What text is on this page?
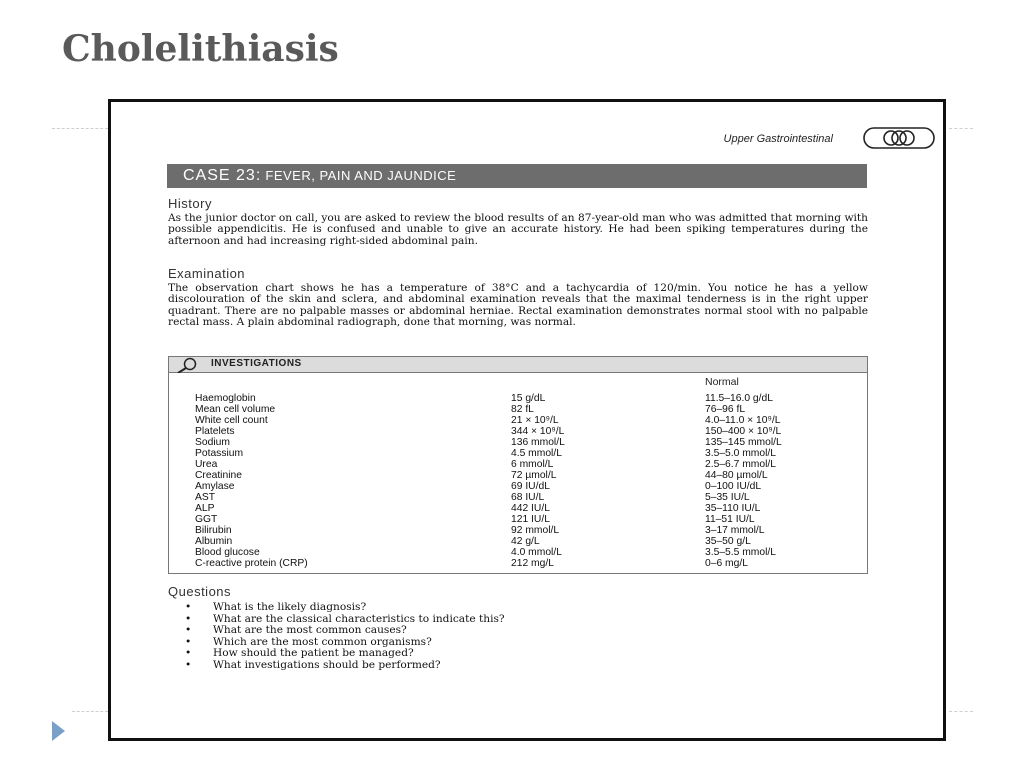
Cholelithiasis
Upper Gastrointestinal
CASE 23: FEVER, PAIN AND JAUNDICE
History

As the junior doctor on call, you are asked to review the blood results of an 87-year-old man who was admitted that morning with possible appendicitis. He is confused and unable to give an accurate history. He had been spiking temperatures during the afternoon and had increasing right-sided abdominal pain.

Examination

The observation chart shows he has a temperature of 38°C and a tachycardia of 120/min. You notice he has a yellow discolouration of the skin and sclera, and abdominal examination reveals that the maximal tenderness is in the right upper quadrant. There are no palpable masses or abdominal herniae. Rectal examination demonstrates normal stool with no palpable rectal mass. A plain abdominal radiograph, done that morning, was normal.

INVESTIGATIONS
Normal
Haemoglobin	15 g/dL	11.5–16.0 g/dL
Mean cell volume	82 fL	76–96 fL
White cell count	21 × 10⁹/L	4.0–11.0 × 10⁹/L
Platelets	344 × 10⁹/L	150–400 × 10⁹/L
Sodium	136 mmol/L	135–145 mmol/L
Potassium	4.5 mmol/L	3.5–5.0 mmol/L
Urea	6 mmol/L	2.5–6.7 mmol/L
Creatinine	72 µmol/L	44–80 µmol/L
Amylase	69 IU/dL	0–100 IU/dL
AST	68 IU/L	5–35 IU/L
ALP	442 IU/L	35–110 IU/L
GGT	121 IU/L	11–51 IU/L
Bilirubin	92 mmol/L	3–17 mmol/L
Albumin	42 g/L	35–50 g/L
Blood glucose	4.0 mmol/L	3.5–5.5 mmol/L
C-reactive protein (CRP)	212 mg/L	0–6 mg/L
Questions
• What is the likely diagnosis?
• What are the classical characteristics to indicate this?
• What are the most common causes?
• Which are the most common organisms?
• How should the patient be managed?
• What investigations should be performed?
